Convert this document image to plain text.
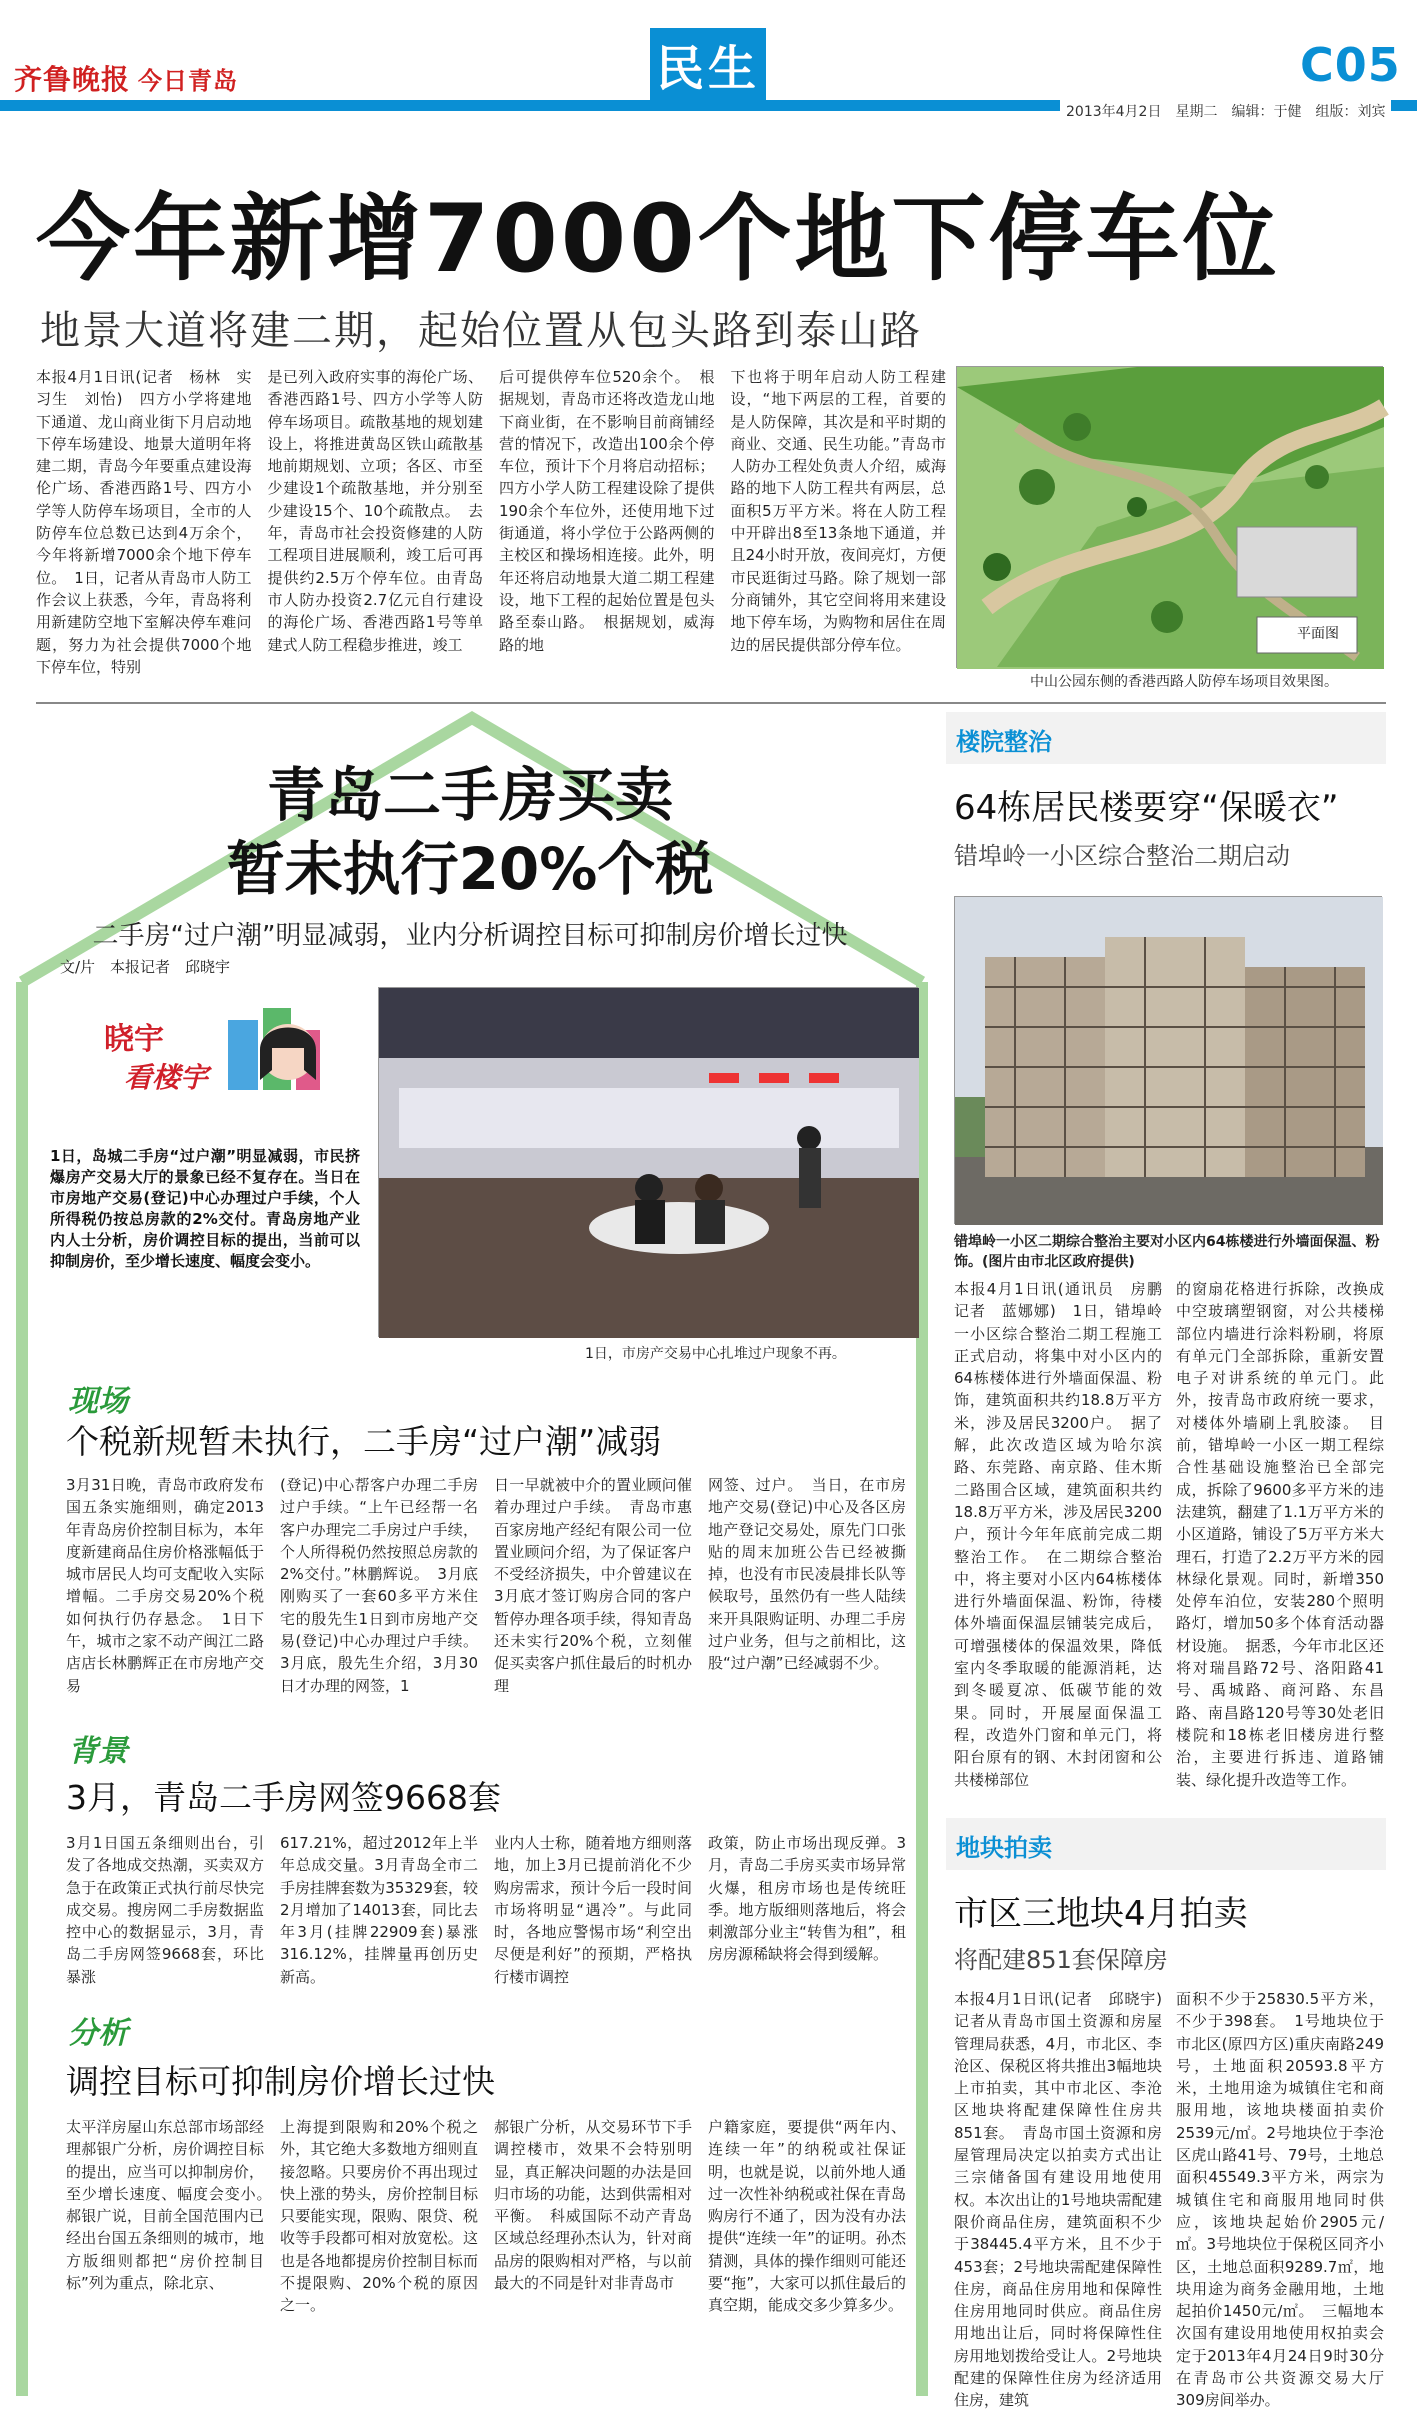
齐鲁晚报 今日青岛	民生	C05
2013年4月2日　星期二　编辑：于健　组版：刘宾
今年新增7000个地下停车位
地景大道将建二期，起始位置从包头路到泰山路
本报4月1日讯(记者　杨林　实习生　刘怡)　四方小学将建地下通道、龙山商业街下月启动地下停车场建设、地景大道明年将建二期，青岛今年要重点建设海伦广场、香港西路1号、四方小学等人防停车场项目，全市的人防停车位总数已达到4万余个，今年将新增7000余个地下停车位。　1日，记者从青岛市人防工作会议上获悉，今年，青岛将利用新建防空地下室解决停车难问题，努力为社会提供7000个地下停车位，特别
是已列入政府实事的海伦广场、香港西路1号、四方小学等人防停车场项目。疏散基地的规划建设上，将推进黄岛区铁山疏散基地前期规划、立项；各区、市至少建设1个疏散基地，并分别至少建设15个、10个疏散点。　去年，青岛市社会投资修建的人防工程项目进展顺利，竣工后可再提供约2.5万个停车位。由青岛市人防办投资2.7亿元自行建设的海伦广场、香港西路1号等单建式人防工程稳步推进，竣工
后可提供停车位520余个。　根据规划，青岛市还将改造龙山地下商业街，在不影响目前商铺经营的情况下，改造出100余个停车位，预计下个月将启动招标；四方小学人防工程建设除了提供190余个车位外，还使用地下过街通道，将小学位于公路两侧的主校区和操场相连接。此外，明年还将启动地景大道二期工程建设，地下工程的起始位置是包头路至泰山路。　根据规划，威海路的地
下也将于明年启动人防工程建设，“地下两层的工程，首要的是人防保障，其次是和平时期的商业、交通、民生功能。”青岛市人防办工程处负责人介绍，威海路的地下人防工程共有两层，总面积5万平方米。将在人防工程中开辟出8至13条地下通道，并且24小时开放，夜间亮灯，方便市民逛街过马路。除了规划一部分商铺外，其它空间将用来建设地下停车场，为购物和居住在周边的居民提供部分停车位。
平面图
中山公园东侧的香港西路人防停车场项目效果图。
青岛二手房买卖
暂未执行20%个税
二手房“过户潮”明显减弱，业内分析调控目标可抑制房价增长过快
文/片　本报记者　邱晓宇
晓宇
看楼宇
1日，岛城二手房“过户潮”明显减弱，市民挤爆房产交易大厅的景象已经不复存在。当日在市房地产交易(登记)中心办理过户手续，个人所得税仍按总房款的2%交付。青岛房地产业内人士分析，房价调控目标的提出，当前可以抑制房价，至少增长速度、幅度会变小。
1日，市房产交易中心扎堆过户现象不再。
现场
个税新规暂未执行，二手房“过户潮”减弱
3月31日晚，青岛市政府发布国五条实施细则，确定2013年青岛房价控制目标为，本年度新建商品住房价格涨幅低于城市居民人均可支配收入实际增幅。二手房交易20%个税如何执行仍存悬念。　1日下午，城市之家不动产闽江二路店店长林鹏辉正在市房地产交易
(登记)中心帮客户办理二手房过户手续。“上午已经帮一名客户办理完二手房过户手续，个人所得税仍然按照总房款的2%交付。”林鹏辉说。　3月底刚购买了一套60多平方米住宅的殷先生1日到市房地产交易(登记)中心办理过户手续。3月底，殷先生介绍，3月30日才办理的网签，1
日一早就被中介的置业顾问催着办理过户手续。　青岛市惠百家房地产经纪有限公司一位置业顾问介绍，为了保证客户不受经济损失，中介曾建议在3月底才签订购房合同的客户暂停办理各项手续，得知青岛还未实行20%个税，立刻催促买卖客户抓住最后的时机办理
网签、过户。　当日，在市房地产交易(登记)中心及各区房地产登记交易处，原先门口张贴的周末加班公告已经被撕掉，也没有市民凌晨排长队等候取号，虽然仍有一些人陆续来开具限购证明、办理二手房过户业务，但与之前相比，这股“过户潮”已经减弱不少。
背景
3月，青岛二手房网签9668套
3月1日国五条细则出台，引发了各地成交热潮，买卖双方急于在政策正式执行前尽快完成交易。搜房网二手房数据监控中心的数据显示，3月，青岛二手房网签9668套，环比暴涨
617.21%，超过2012年上半年总成交量。3月青岛全市二手房挂牌套数为35329套，较2月增加了14013套，同比去年3月(挂牌22909套)暴涨316.12%，挂牌量再创历史新高。
业内人士称，随着地方细则落地，加上3月已提前消化不少购房需求，预计今后一段时间市场将明显“遇冷”。与此同时，各地应警惕市场“利空出尽便是利好”的预期，严格执行楼市调控
政策，防止市场出现反弹。3月，青岛二手房买卖市场异常火爆，租房市场也是传统旺季。地方版细则落地后，将会刺激部分业主“转售为租”，租房房源稀缺将会得到缓解。
分析
调控目标可抑制房价增长过快
太平洋房屋山东总部市场部经理郝银广分析，房价调控目标的提出，应当可以抑制房价，至少增长速度、幅度会变小。　郝银广说，目前全国范围内已经出台国五条细则的城市，地方版细则都把“房价控制目标”列为重点，除北京、
上海提到限购和20%个税之外，其它绝大多数地方细则直接忽略。只要房价不再出现过快上涨的势头，房价控制目标只要能实现，限购、限贷、税收等手段都可相对放宽松。这也是各地都提房价控制目标而不提限购、20%个税的原因之一。
郝银广分析，从交易环节下手调控楼市，效果不会特别明显，真正解决问题的办法是回归市场的功能，达到供需相对平衡。　科威国际不动产青岛区域总经理孙杰认为，针对商品房的限购相对严格，与以前最大的不同是针对非青岛市
户籍家庭，要提供“两年内、连续一年”的纳税或社保证明，也就是说，以前外地人通过一次性补纳税或社保在青岛购房行不通了，因为没有办法提供“连续一年”的证明。孙杰猜测，具体的操作细则可能还要“拖”，大家可以抓住最后的真空期，能成交多少算多少。
楼院整治
64栋居民楼要穿“保暖衣”
错埠岭一小区综合整治二期启动
错埠岭一小区二期综合整治主要对小区内64栋楼进行外墙面保温、粉饰。(图片由市北区政府提供)
本报4月1日讯(通讯员　房鹏　记者　蓝娜娜)　1日，错埠岭一小区综合整治二期工程施工正式启动，将集中对小区内的64栋楼体进行外墙面保温、粉饰，建筑面积共约18.8万平方米，涉及居民3200户。　据了解，此次改造区域为哈尔滨路、东莞路、南京路、佳木斯二路围合区域，建筑面积共约18.8万平方米，涉及居民3200户，预计今年年底前完成二期整治工作。　在二期综合整治中，将主要对小区内64栋楼体进行外墙面保温、粉饰，待楼体外墙面保温层铺装完成后，可增强楼体的保温效果，降低室内冬季取暖的能源消耗，达到冬暖夏凉、低碳节能的效果。同时，开展屋面保温工程，改造外门窗和单元门，将阳台原有的钢、木封闭窗和公共楼梯部位
的窗扇花格进行拆除，改换成中空玻璃塑钢窗，对公共楼梯部位内墙进行涂料粉刷，将原有单元门全部拆除，重新安置电子对讲系统的单元门。此外，按青岛市政府统一要求，对楼体外墙刷上乳胶漆。　目前，错埠岭一小区一期工程综合性基础设施整治已全部完成，拆除了9600多平方米的违法建筑，翻建了1.1万平方米的小区道路，铺设了5万平方米大理石，打造了2.2万平方米的园林绿化景观。同时，新增350处停车泊位，安装280个照明路灯，增加50多个体育活动器材设施。　据悉，今年市北区还将对瑞昌路72号、洛阳路41号、禹城路、商河路、东昌路、南昌路120号等30处老旧楼院和18栋老旧楼房进行整治，主要进行拆违、道路铺装、绿化提升改造等工作。
地块拍卖
市区三地块4月拍卖
将配建851套保障房
本报4月1日讯(记者　邱晓宇)　记者从青岛市国土资源和房屋管理局获悉，4月，市北区、李沧区、保税区将共推出3幅地块上市拍卖，其中市北区、李沧区地块将配建保障性住房共851套。　青岛市国土资源和房屋管理局决定以拍卖方式出让三宗储备国有建设用地使用权。本次出让的1号地块需配建限价商品住房，建筑面积不少于38445.4平方米，且不少于453套；2号地块需配建保障性住房，商品住房用地和保障性住房用地同时供应。商品住房用地出让后，同时将保障性住房用地划拨给受让人。2号地块配建的保障性住房为经济适用住房，建筑
面积不少于25830.5平方米，不少于398套。　1号地块位于市北区(原四方区)重庆南路249号，土地面积20593.8平方米，土地用途为城镇住宅和商服用地，该地块楼面拍卖价2539元/㎡。2号地块位于李沧区虎山路41号、79号，土地总面积45549.3平方米，两宗为城镇住宅和商服用地同时供应，该地块起始价2905元/㎡。3号地块位于保税区同齐小区，土地总面积9289.7㎡，地块用途为商务金融用地，土地起拍价1450元/㎡。　三幅地本次国有建设用地使用权拍卖会定于2013年4月24日9时30分在青岛市公共资源交易大厅309房间举办。
